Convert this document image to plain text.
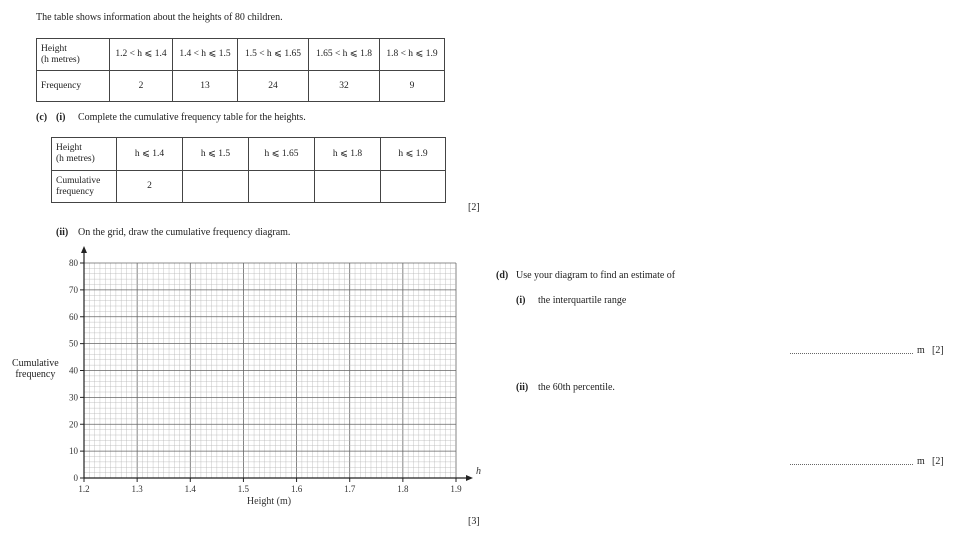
The table shows information about the heights of 80 children.
Height
(h metres)	1.2 < h ⩽ 1.4	1.4 < h ⩽ 1.5	1.5 < h ⩽ 1.65	1.65 < h ⩽ 1.8	1.8 < h ⩽ 1.9
Frequency	2	13	24	32	9
(c) (i) Complete the cumulative frequency table for the heights.
Height
(h metres)	h ⩽ 1.4	h ⩽ 1.5	h ⩽ 1.65	h ⩽ 1.8	h ⩽ 1.9

Cumulative
frequency	2				
[2]
(ii) On the grid, draw the cumulative frequency diagram.
Cumulative
frequency
0
10
20
30
40
50
60
70
80
1.2	1.3	1.4	1.5	1.6	1.7	1.8	1.9
h
Height (m)
[3]
(d) Use your diagram to find an estimate of
(i) the interquartile range
m [2]
(ii) the 60th percentile.
m [2]
